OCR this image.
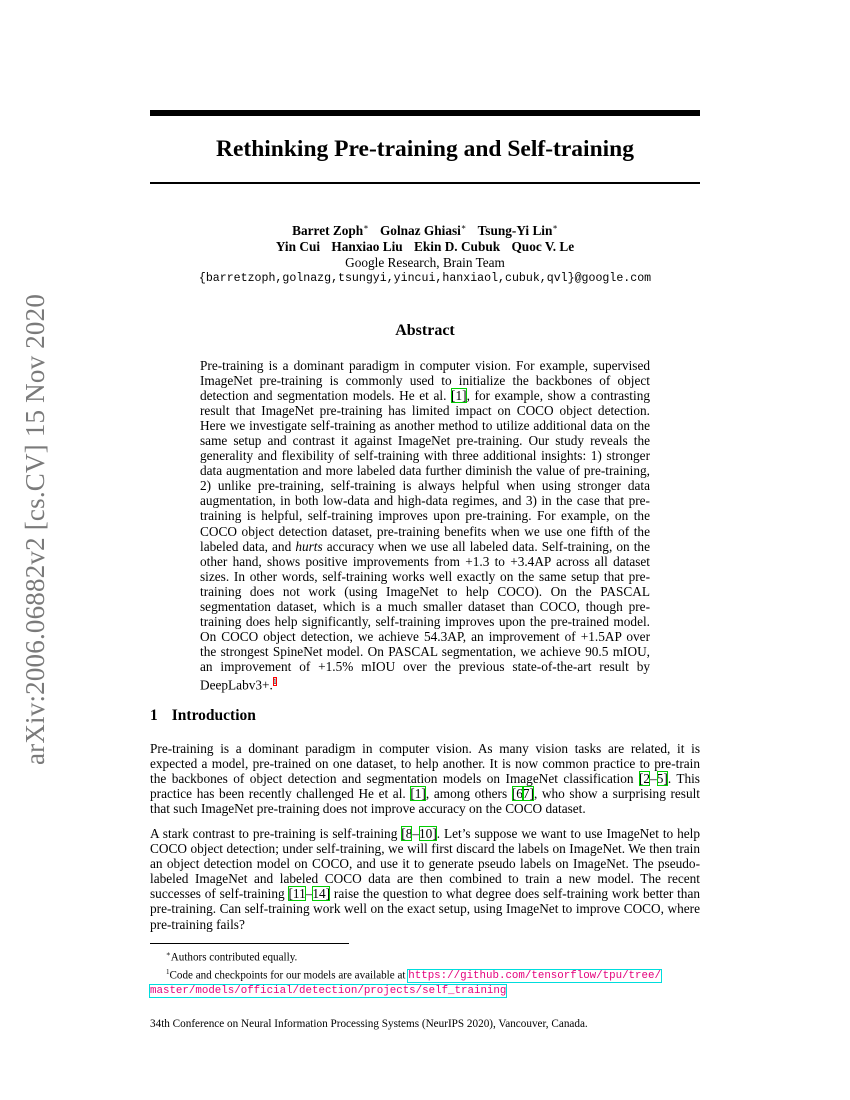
arXiv:2006.06882v2 [cs.CV] 15 Nov 2020
Rethinking Pre-training and Self-training
Barret Zoph∗ Golnaz Ghiasi∗ Tsung-Yi Lin∗
Yin Cui Hanxiao Liu Ekin D. Cubuk Quoc V. Le
Google Research, Brain Team
{barretzoph,golnazg,tsungyi,yincui,hanxiaol,cubuk,qvl}@google.com
Abstract
Pre-training is a dominant paradigm in computer vision. For example, supervised ImageNet pre-training is commonly used to initialize the backbones of object detection and segmentation models. He et al. [1], for example, show a contrasting result that ImageNet pre-training has limited impact on COCO object detection. Here we investigate self-training as another method to utilize additional data on the same setup and contrast it against ImageNet pre-training. Our study reveals the generality and flexibility of self-training with three additional insights: 1) stronger data augmentation and more labeled data further diminish the value of pre-training, 2) unlike pre-training, self-training is always helpful when using stronger data augmentation, in both low-data and high-data regimes, and 3) in the case that pre-training is helpful, self-training improves upon pre-training. For example, on the COCO object detection dataset, pre-training benefits when we use one fifth of the labeled data, and hurts accuracy when we use all labeled data. Self-training, on the other hand, shows positive improvements from +1.3 to +3.4AP across all dataset sizes. In other words, self-training works well exactly on the same setup that pre-training does not work (using ImageNet to help COCO). On the PASCAL segmentation dataset, which is a much smaller dataset than COCO, though pre-training does help significantly, self-training improves upon the pre-trained model. On COCO object detection, we achieve 54.3AP, an improvement of +1.5AP over the strongest SpineNet model. On PASCAL segmentation, we achieve 90.5 mIOU, an improvement of +1.5% mIOU over the previous state-of-the-art result by DeepLabv3+.$^1$
1 Introduction
Pre-training is a dominant paradigm in computer vision. As many vision tasks are related, it is expected a model, pre-trained on one dataset, to help another. It is now common practice to pre-train the backbones of object detection and segmentation models on ImageNet classification [2–5]. This practice has been recently challenged He et al. [1], among others [67], who show a surprising result that such ImageNet pre-training does not improve accuracy on the COCO dataset.
A stark contrast to pre-training is self-training [8–10]. Let’s suppose we want to use ImageNet to help COCO object detection; under self-training, we will first discard the labels on ImageNet. We then train an object detection model on COCO, and use it to generate pseudo labels on ImageNet. The pseudo-labeled ImageNet and labeled COCO data are then combined to train a new model. The recent successes of self-training [11–14] raise the question to what degree does self-training work better than pre-training. Can self-training work well on the exact setup, using ImageNet to improve COCO, where pre-training fails?
∗Authors contributed equally.
$^1$Code and checkpoints for our models are available at https://github.com/tensorflow/tpu/tree/
master/models/official/detection/projects/self_training
34th Conference on Neural Information Processing Systems (NeurIPS 2020), Vancouver, Canada.
